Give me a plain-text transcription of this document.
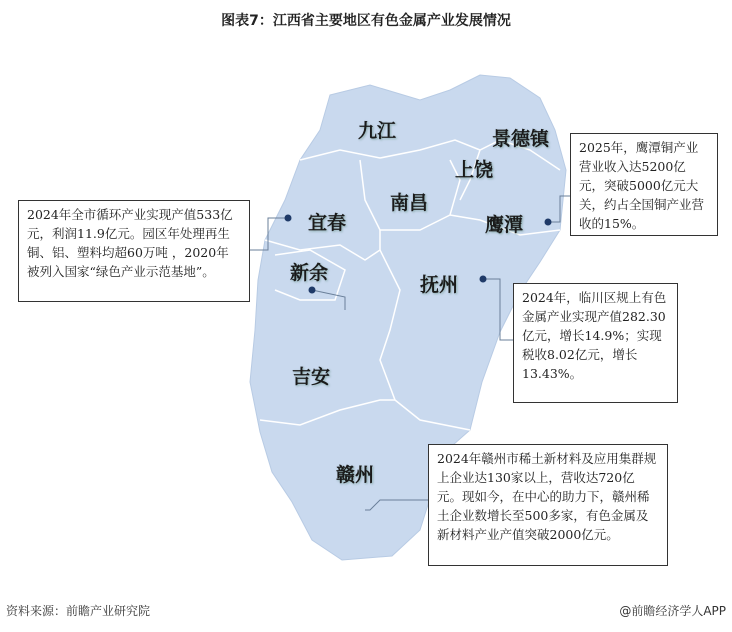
图表7：江西省主要地区有色金属产业发展情况
九江	景德镇
上饶
南昌
宜春	鹰潭
新余
抚州
吉安
赣州
2024年全市循环产业实现产值533亿元，利润11.9亿元。园区年处理再生铜、铝、塑料均超60万吨 ，2020年被列入国家“绿色产业示范基地”。
2025年，鹰潭铜产业营业收入达5200亿元，突破5000亿元大关，约占全国铜产业营收的15%。
2024年，临川区规上有色金属产业实现产值282.30亿元，增长14.9%；实现税收8.02亿元，增长13.43%。
2024年赣州市稀土新材料及应用集群规上企业达130家以上，营收达720亿元。现如今，在中心的助力下，赣州稀土企业数增长至500多家，有色金属及新材料产业产值突破2000亿元。
资料来源：前瞻产业研究院	@前瞻经济学人APP
